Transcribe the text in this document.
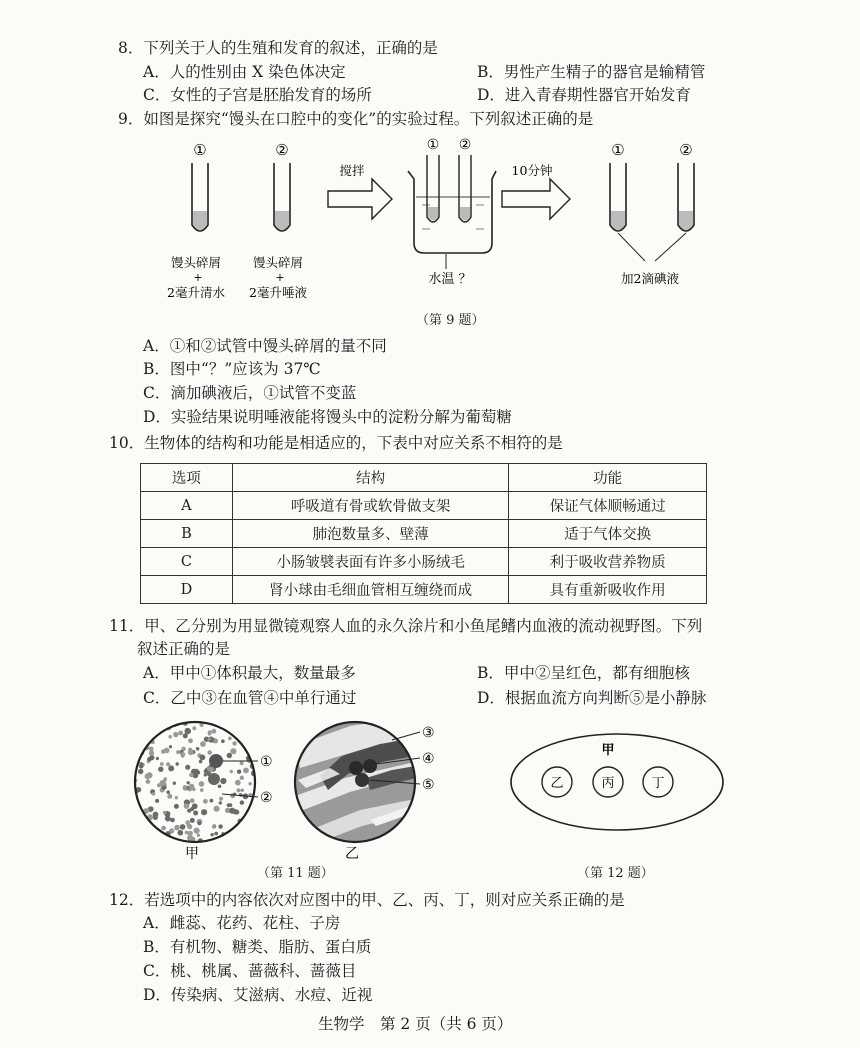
8．下列关于人的生殖和发育的叙述，正确的是
A．人的性别由 X 染色体决定	B．男性产生精子的器官是输精管
C．女性的子宫是胚胎发育的场所	D．进入青春期性器官开始发育
9．如图是探究“馒头在口腔中的变化”的实验过程。下列叙述正确的是
①
馒头碎屑
+
2毫升清水
②
馒头碎屑
+
2毫升唾液
搅拌
① ②
水温 ？
10分钟
①	②
加2滴碘液
（第 9 题）
A．①和②试管中馒头碎屑的量不同
B．图中“？”应该为 37℃
C．滴加碘液后，①试管不变蓝
D．实验结果说明唾液能将馒头中的淀粉分解为葡萄糖
10．生物体的结构和功能是相适应的，下表中对应关系不相符的是
选项	结构	功能
A	呼吸道有骨或软骨做支架	保证气体顺畅通过
B	肺泡数量多、壁薄	适于气体交换
C	小肠皱襞表面有许多小肠绒毛	利于吸收营养物质
D	肾小球由毛细血管相互缠绕而成	具有重新吸收作用
11．甲、乙分别为用显微镜观察人血的永久涂片和小鱼尾鳍内血液的流动视野图。下列
叙述正确的是
A．甲中①体积最大，数量最多	B．甲中②呈红色，都有细胞核
C．乙中③在血管④中单行通过	D．根据血流方向判断⑤是小静脉
①
②
③
④
⑤
甲	乙
（第 11 题）
甲
乙	丙	丁
（第 12 题）
12．若选项中的内容依次对应图中的甲、乙、丙、丁，则对应关系正确的是
A．雌蕊、花药、花柱、子房
B．有机物、糖类、脂肪、蛋白质
C．桃、桃属、蔷薇科、蔷薇目
D．传染病、艾滋病、水痘、近视
生物学　第 2 页（共 6 页）
